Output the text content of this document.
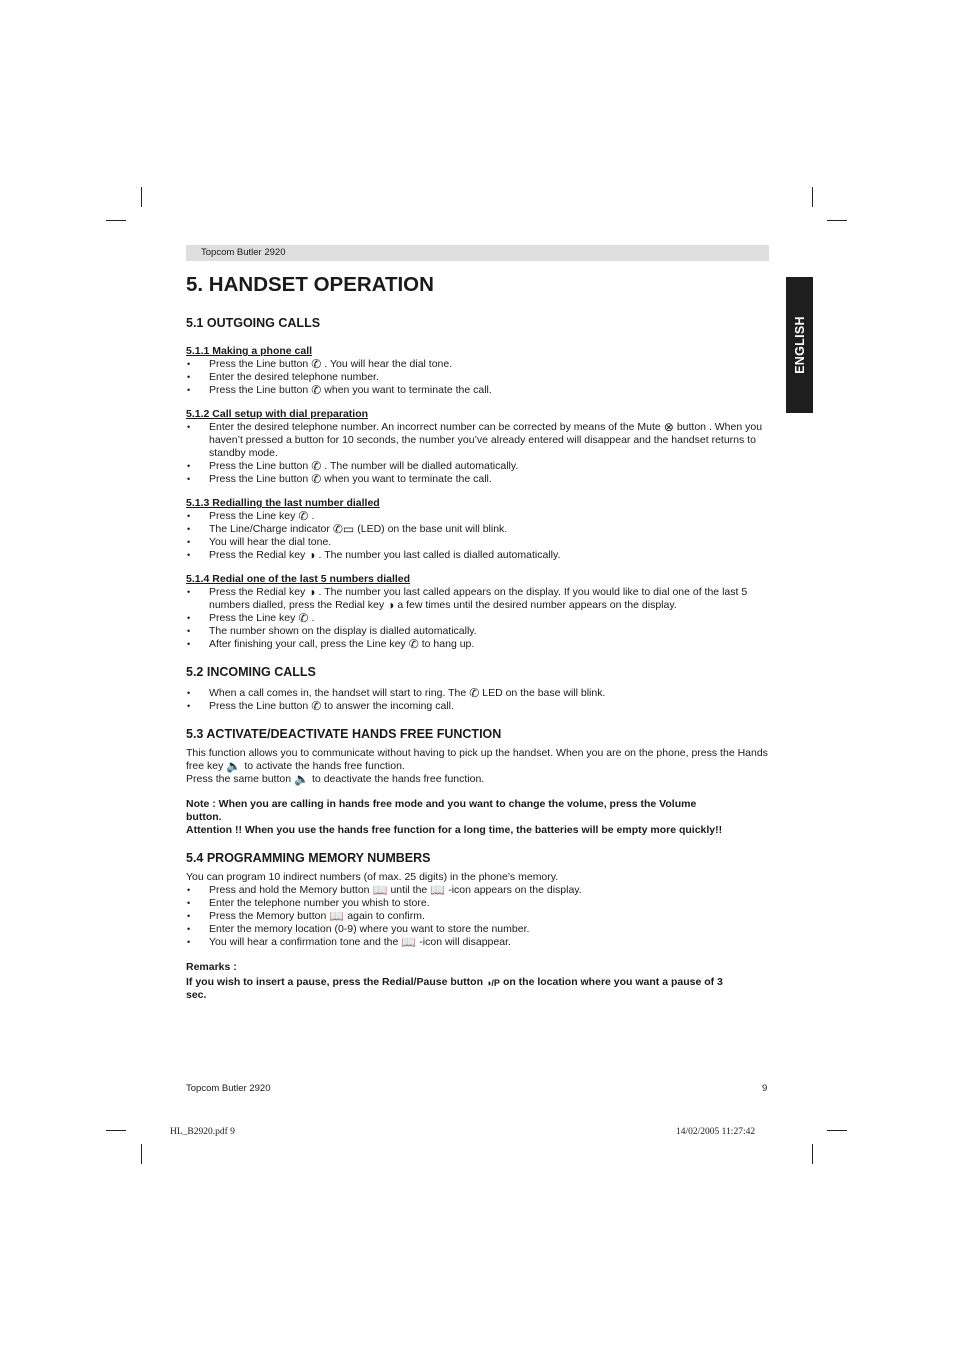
Topcom Butler 2920
ENGLISH
5. HANDSET OPERATION
5.1 OUTGOING CALLS
5.1.1 Making a phone call
• Press the Line button ✆ . You will hear the dial tone.
• Enter the desired telephone number.
• Press the Line button ✆ when you want to terminate the call.
5.1.2 Call setup with dial preparation
• Enter the desired telephone number. An incorrect number can be corrected by means of the Mute ⊗ button . When you haven’t pressed a button for 10 seconds, the number you’ve already entered will disappear and the handset returns to standby mode.
• Press the Line button ✆ . The number will be dialled automatically.
• Press the Line button ✆ when you want to terminate the call.
5.1.3 Redialling the last number dialled
• Press the Line key ✆ .
• The Line/Charge indicator ✆▭ (LED) on the base unit will blink.
• You will hear the dial tone.
• Press the Redial key ◑ . The number you last called is dialled automatically.
5.1.4 Redial one of the last 5 numbers dialled
• Press the Redial key ◑ . The number you last called appears on the display. If you would like to dial one of the last 5 numbers dialled, press the Redial key ◑ a few times until the desired number appears on the display.
• Press the Line key ✆ .
• The number shown on the display is dialled automatically.
• After finishing your call, press the Line key ✆ to hang up.
5.2 INCOMING CALLS
• When a call comes in, the handset will start to ring. The ✆ LED on the base will blink.
• Press the Line button ✆ to answer the incoming call.
5.3 ACTIVATE/DEACTIVATE HANDS FREE FUNCTION

This function allows you to communicate without having to pick up the handset. When you are on the phone, press the Hands free key 🔈 to activate the hands free function.

Press the same button 🔈 to deactivate the hands free function.

Note : When you are calling in hands free mode and you want to change the volume, press the Volume button.

Attention !! When you use the hands free function for a long time, the batteries will be empty more quickly!!

5.4 PROGRAMMING MEMORY NUMBERS

You can program 10 indirect numbers (of max. 25 digits) in the phone’s memory.

• Press and hold the Memory button 📖 until the 📖 -icon appears on the display.
• Enter the telephone number you whish to store.
• Press the Memory button 📖 again to confirm.
• Enter the memory location (0-9) where you want to store the number.
• You will hear a confirmation tone and the 📖 -icon will disappear.

Remarks :

If you wish to insert a pause, press the Redial/Pause button ◑/P on the location where you want a pause of 3 sec.

Topcom Butler 2920	9
HL_B2920.pdf 9	14/02/2005 11:27:42
